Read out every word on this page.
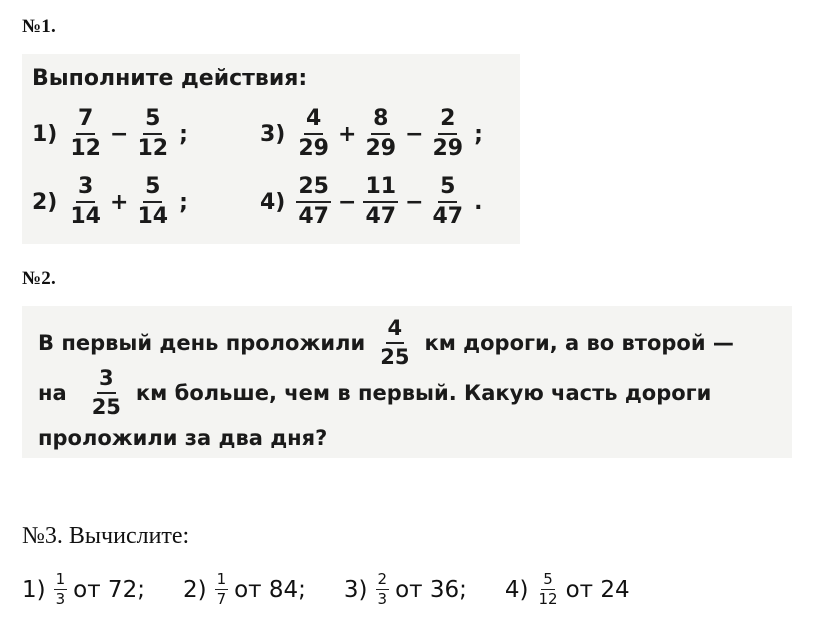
№1.
Выполните действия:
$1) \frac{7}{12} - \frac{5}{12}$ ;
$2) \frac{3}{14} + \frac{5}{14}$ ;
$3) \frac{4}{29} + \frac{8}{29} - \frac{2}{29}$ ;
$4) \frac{25}{47} - \frac{11}{47} - \frac{5}{47}$ .
№2.
В первый день проложили $\frac{4}{25}$ км дороги, а во второй —
на $\frac{3}{25}$ км больше, чем в первый. Какую часть дороги
проложили за два дня?
№3. Вычислите:
$1) \frac{1}{3}$ от 72; $2) \frac{1}{7}$ от 84; $3) \frac{2}{3}$ от 36; $4) \frac{5}{12}$ от 24
